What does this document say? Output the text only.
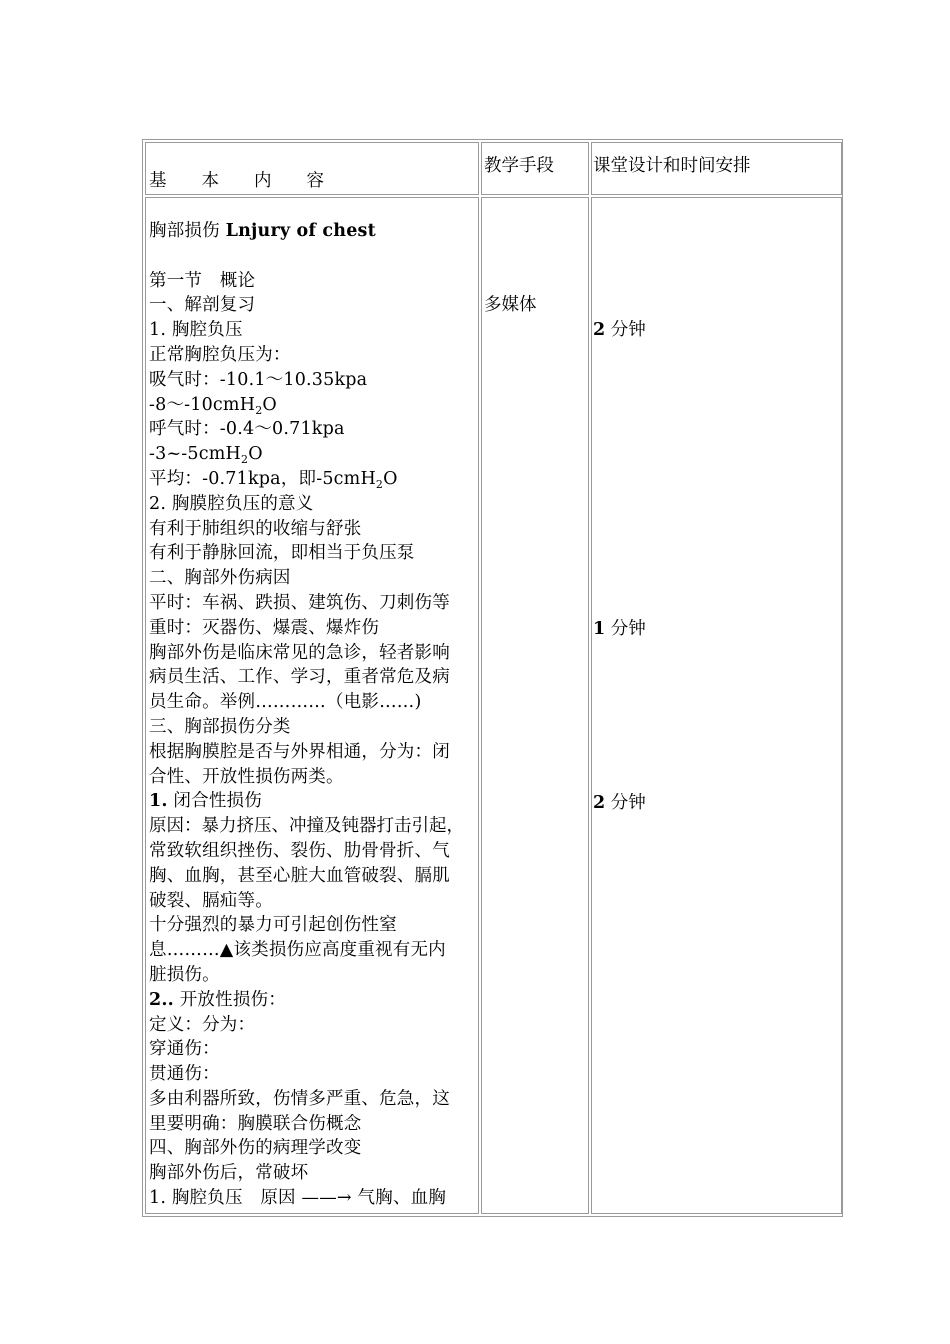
基　　本　　内　　容
教学手段 课堂设计和时间安排
胸部损伤 Lnjury of chest
第一节　概论
一、解剖复习
1. 胸腔负压
正常胸腔负压为：
吸气时：-10.1～10.35kpa
-8～-10cmH$_2$O
呼气时：-0.4～0.71kpa
-3~-5cmH$_2$O
平均：-0.71kpa，即-5cmH$_2$O
2. 胸膜腔负压的意义
有利于肺组织的收缩与舒张
有利于静脉回流，即相当于负压泵
二、胸部外伤病因
平时：车祸、跌损、建筑伤、刀刺伤等
重时：灭器伤、爆震、爆炸伤
胸部外伤是临床常见的急诊，轻者影响
病员生活、工作、学习，重者常危及病
员生命。举例…………（电影……)
三、胸部损伤分类
根据胸膜腔是否与外界相通，分为：闭
合性、开放性损伤两类。
1. 闭合性损伤
原因：暴力挤压、冲撞及钝器打击引起，
常致软组织挫伤、裂伤、肋骨骨折、气
胸、血胸，甚至心脏大血管破裂、膈肌
破裂、膈疝等。
十分强烈的暴力可引起创伤性窒
息………▲该类损伤应高度重视有无内
脏损伤。
2.. 开放性损伤：
定义：分为：
穿通伤：
贯通伤：
多由利器所致，伤情多严重、危急，这
里要明确：胸膜联合伤概念
四、胸部外伤的病理学改变
胸部外伤后，常破坏
1. 胸腔负压　原因 ——→ 气胸、血胸
多媒体
2 分钟
1 分钟
2 分钟
